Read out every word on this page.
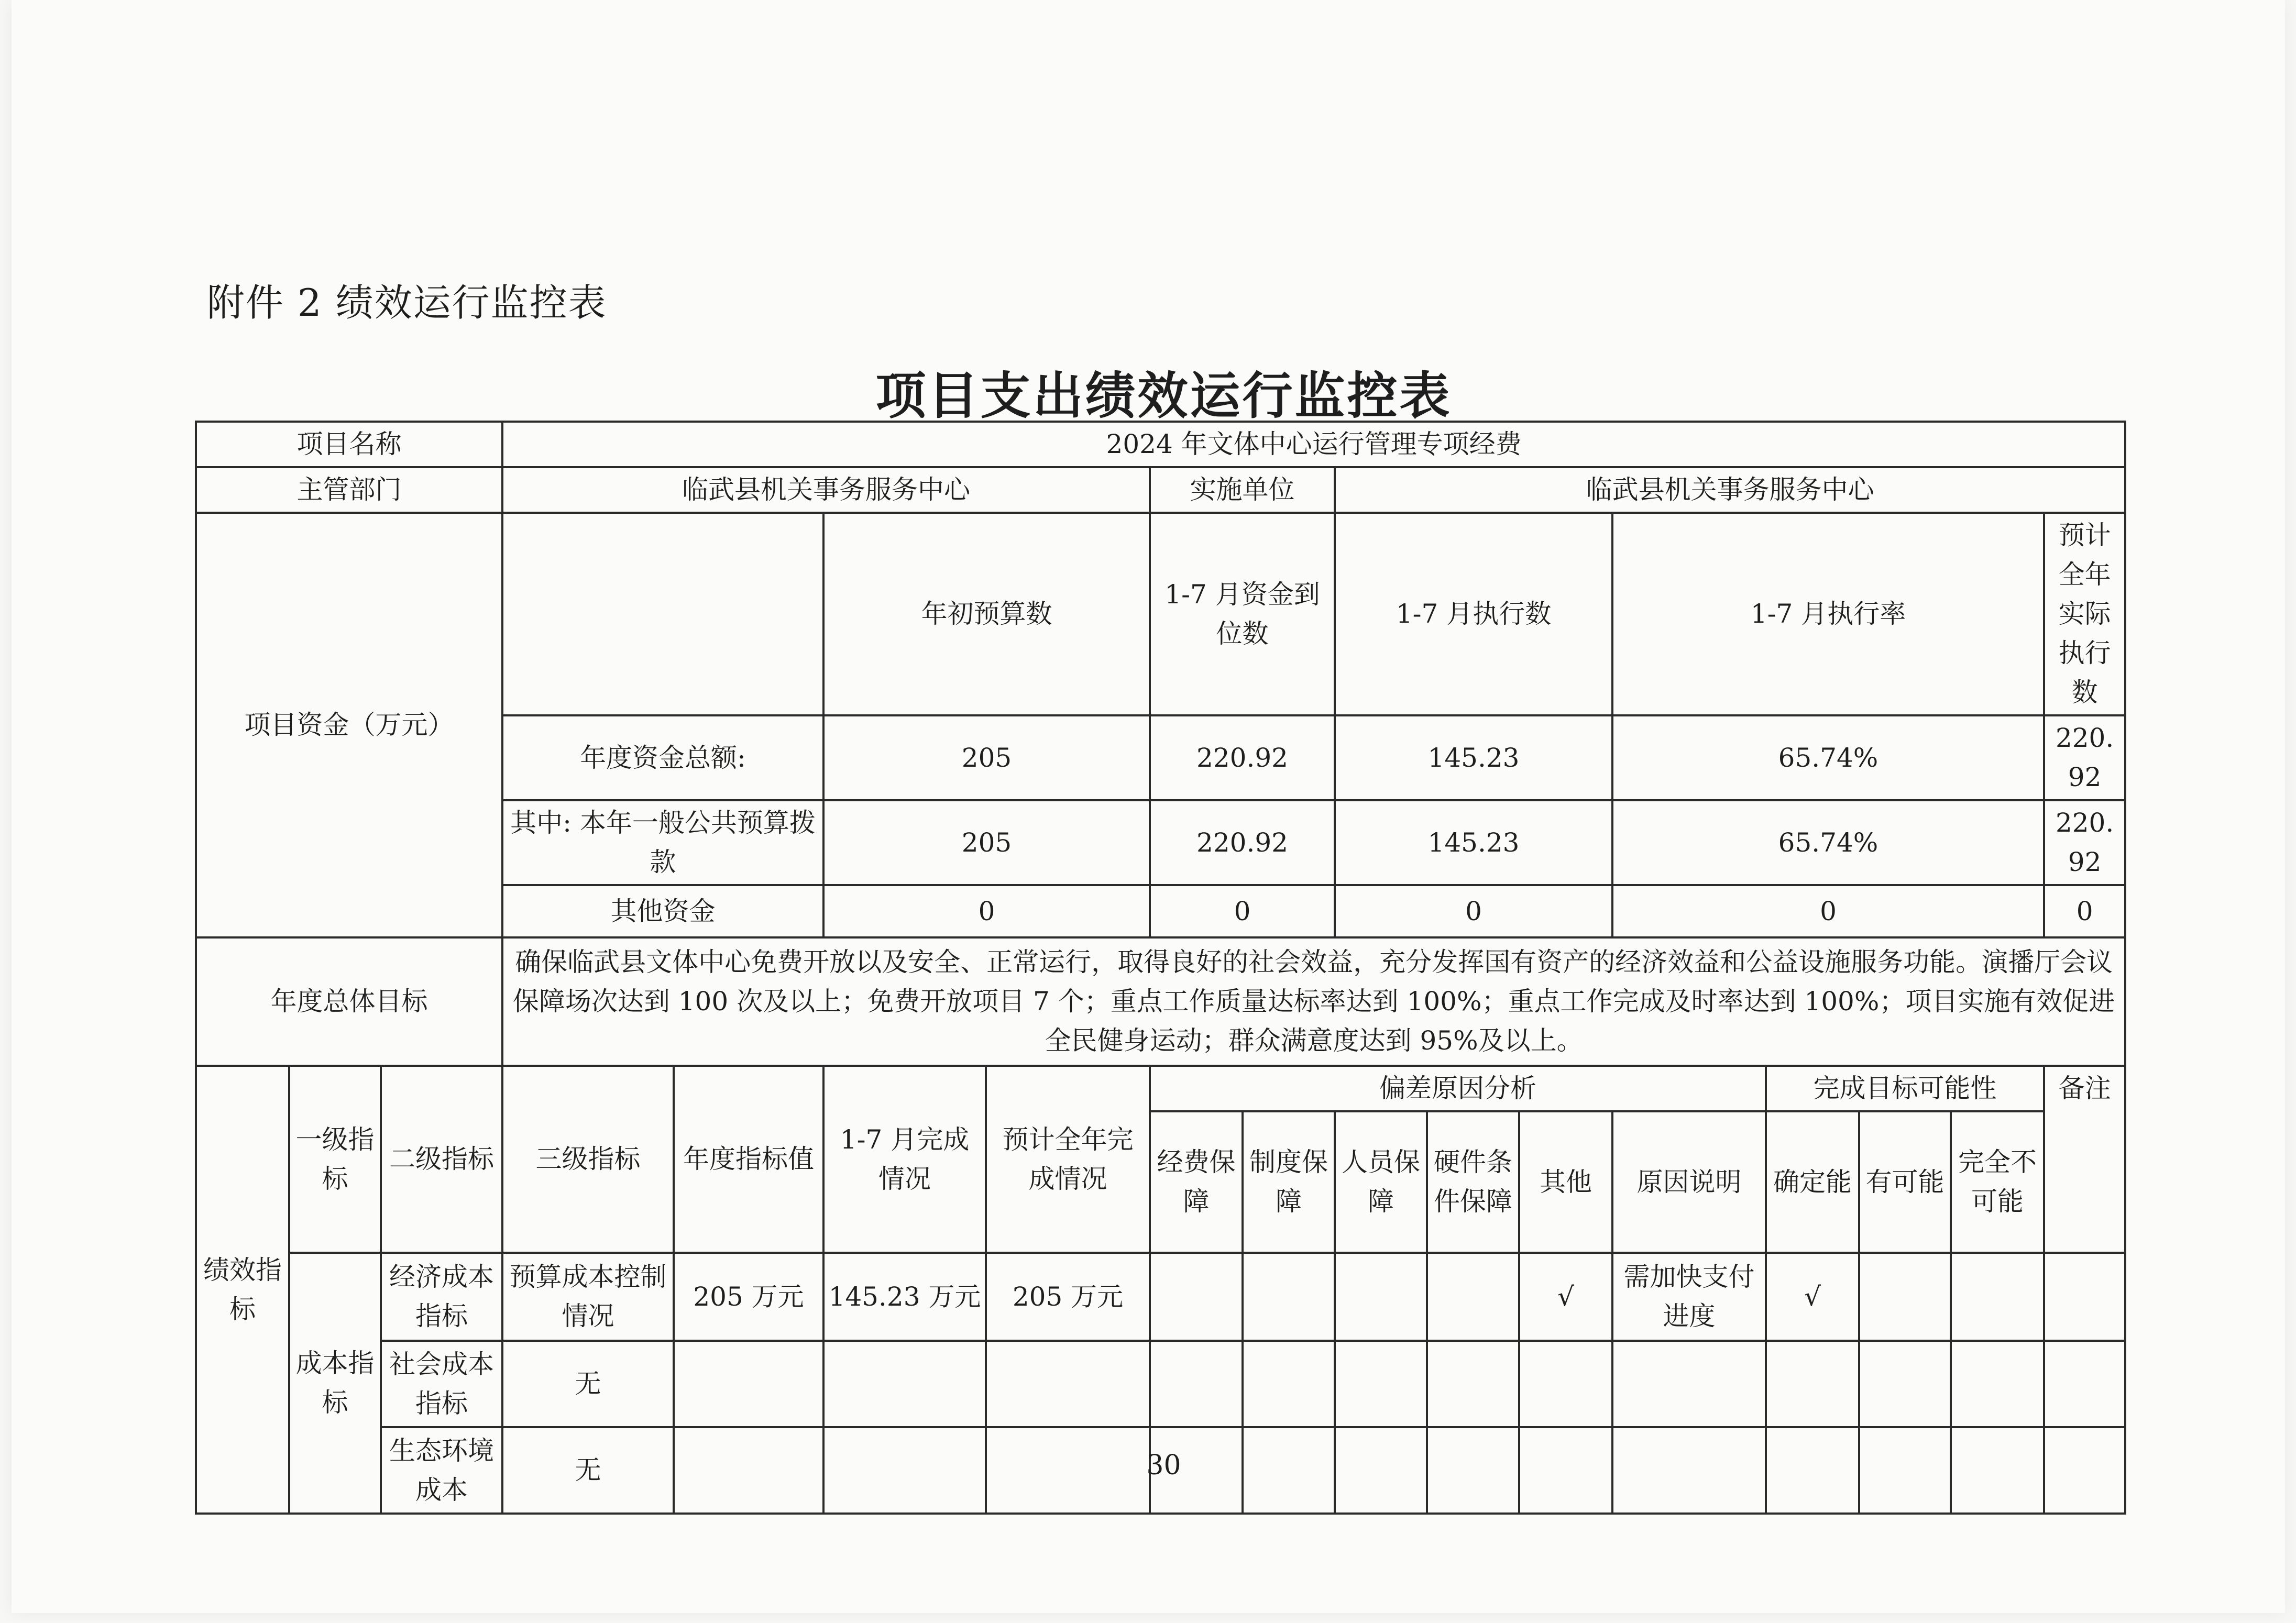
附件 2 绩效运行监控表
项目支出绩效运行监控表
项目名称			2024 年文体中心运行管理专项经费													
主管部门			临武县机关事务服务中心				实施单位		临武县机关事务服务中心							
项目资金（万元）					年初预算数		1-7 月资金到位数		1-7 月执行数			1-7 月执行率				预计全年实际执行数
			年度资金总额:		205		220.92		145.23			65.74%				220.92
			其中: 本年一般公共预算拨款		205		220.92		145.23			65.74%				220.92
			其他资金		0		0		0			0				0
年度总体目标			确保临武县文体中心免费开放以及安全、正常运行，取得良好的社会效益，充分发挥国有资产的经济效益和公益设施服务功能。演播厅会议保障场次达到 100 次及以上；免费开放项目 7 个；重点工作质量达标率达到 100%；重点工作完成及时率达到 100%；项目实施有效促进全民健身运动；群众满意度达到 95%及以上。													
绩效指标	一级指标	二级指标	三级指标	年度指标值	1-7 月完成情况	预计全年完成情况	偏差原因分析						完成目标可能性			备注
							经费保障	制度保障	人员保障	硬件条件保障	其他	原因说明	确定能	有可能	完全不可能	
	成本指标	经济成本指标	预算成本控制情况	205 万元	145.23 万元	205 万元					√	需加快支付进度	√			
		社会成本指标	无													
		生态环境成本	无														30
